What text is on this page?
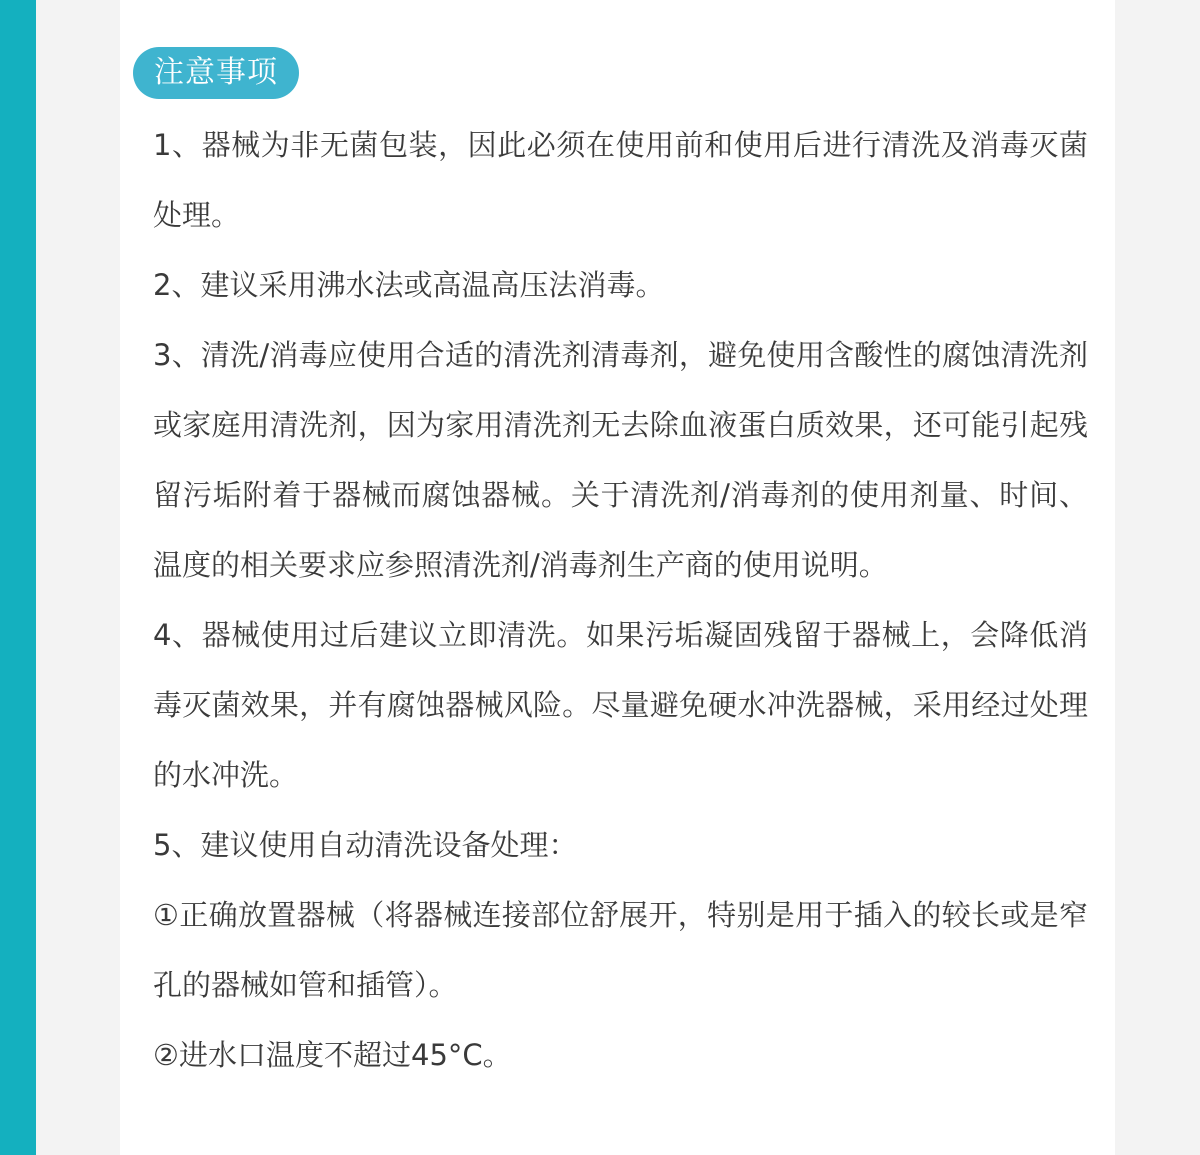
注意事项

1、器械为非无菌包装，因此必须在使用前和使用后进行清洗及消毒灭菌处理。

2、建议采用沸水法或高温高压法消毒。

3、清洗/消毒应使用合适的清洗剂清毒剂，避免使用含酸性的腐蚀清洗剂或家庭用清洗剂，因为家用清洗剂无去除血液蛋白质效果，还可能引起残留污垢附着于器械而腐蚀器械。关于清洗剂/消毒剂的使用剂量、时间、温度的相关要求应参照清洗剂/消毒剂生产商的使用说明。

4、器械使用过后建议立即清洗。如果污垢凝固残留于器械上，会降低消毒灭菌效果，并有腐蚀器械风险。尽量避免硬水冲洗器械，采用经过处理的水冲洗。

5、建议使用自动清洗设备处理：

①正确放置器械（将器械连接部位舒展开，特别是用于插入的较长或是窄孔的器械如管和插管）。

②进水口温度不超过45°C。
